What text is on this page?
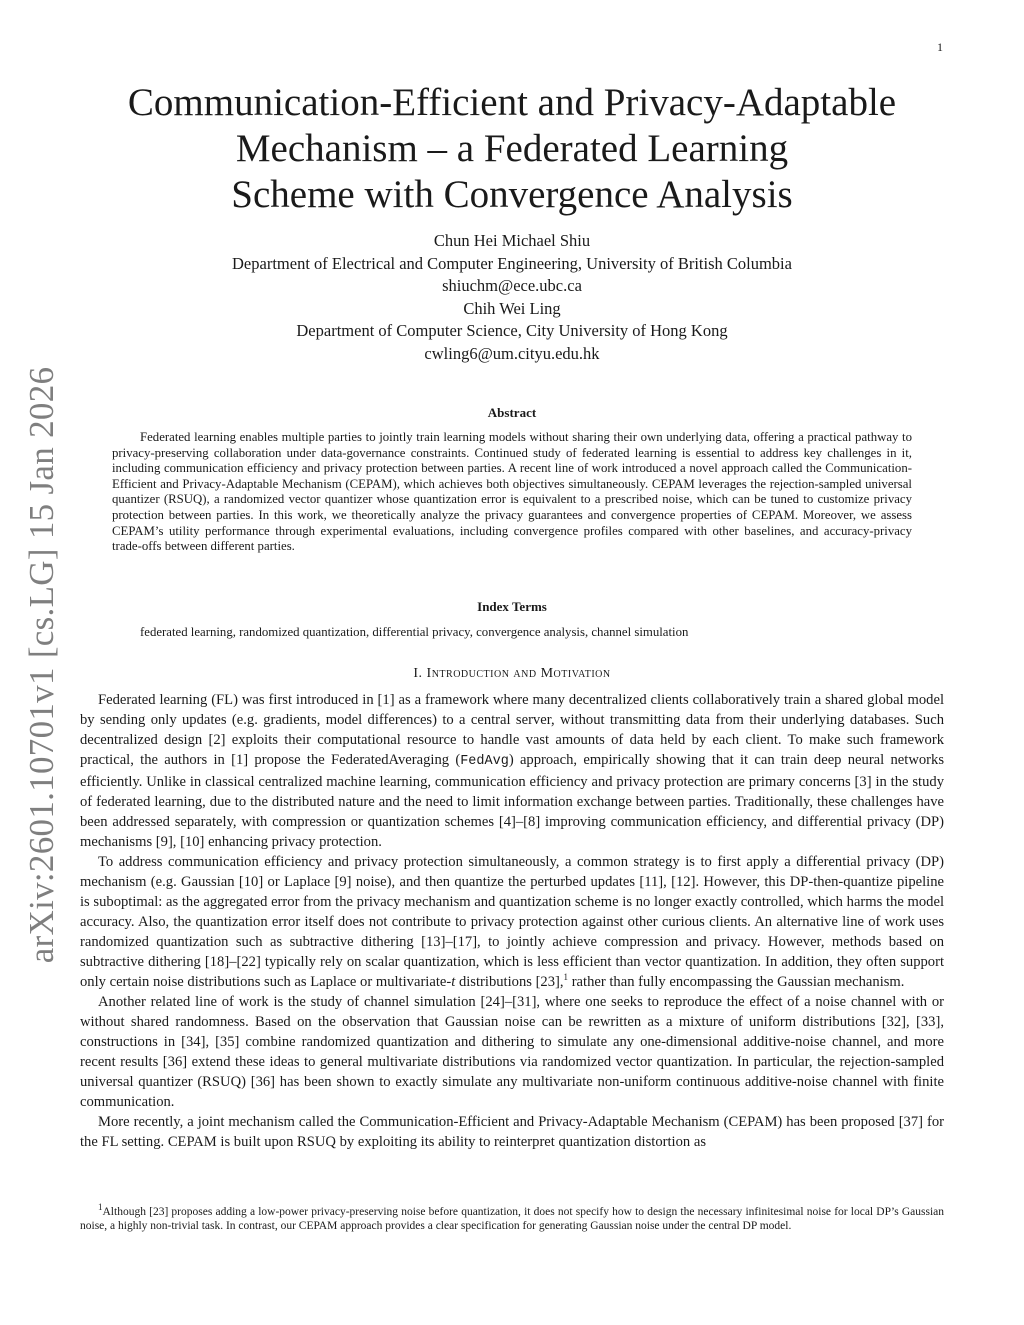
1
arXiv:2601.10701v1 [cs.LG] 15 Jan 2026
Communication-Efficient and Privacy-Adaptable
Mechanism – a Federated Learning
Scheme with Convergence Analysis
Chun Hei Michael Shiu
Department of Electrical and Computer Engineering, University of British Columbia
shiuchm@ece.ubc.ca
Chih Wei Ling
Department of Computer Science, City University of Hong Kong
cwling6@um.cityu.edu.hk
Abstract

Federated learning enables multiple parties to jointly train learning models without sharing their own underlying data, offering a practical pathway to privacy-preserving collaboration under data-governance constraints. Continued study of federated learning is essential to address key challenges in it, including communication efficiency and privacy protection between parties. A recent line of work introduced a novel approach called the Communication-Efficient and Privacy-Adaptable Mechanism (CEPAM), which achieves both objectives simultaneously. CEPAM leverages the rejection-sampled universal quantizer (RSUQ), a randomized vector quantizer whose quantization error is equivalent to a prescribed noise, which can be tuned to customize privacy protection between parties. In this work, we theoretically analyze the privacy guarantees and convergence properties of CEPAM. Moreover, we assess CEPAM’s utility performance through experimental evaluations, including convergence profiles compared with other baselines, and accuracy-privacy trade-offs between different parties.

Index Terms
federated learning, randomized quantization, differential privacy, convergence analysis, channel simulation
I. Introduction and Motivation

Federated learning (FL) was first introduced in [1] as a framework where many decentralized clients collaboratively train a shared global model by sending only updates (e.g. gradients, model differences) to a central server, without transmitting data from their underlying databases. Such decentralized design [2] exploits their computational resource to handle vast amounts of data held by each client. To make such framework practical, the authors in [1] propose the FederatedAveraging (FedAvg) approach, empirically showing that it can train deep neural networks efficiently. Unlike in classical centralized machine learning, communication efficiency and privacy protection are primary concerns [3] in the study of federated learning, due to the distributed nature and the need to limit information exchange between parties. Traditionally, these challenges have been addressed separately, with compression or quantization schemes [4]–[8] improving communication efficiency, and differential privacy (DP) mechanisms [9], [10] enhancing privacy protection.

To address communication efficiency and privacy protection simultaneously, a common strategy is to first apply a differential privacy (DP) mechanism (e.g. Gaussian [10] or Laplace [9] noise), and then quantize the perturbed updates [11], [12]. However, this DP-then-quantize pipeline is suboptimal: as the aggregated error from the privacy mechanism and quantization scheme is no longer exactly controlled, which harms the model accuracy. Also, the quantization error itself does not contribute to privacy protection against other curious clients. An alternative line of work uses randomized quantization such as subtractive dithering [13]–[17], to jointly achieve compression and privacy. However, methods based on subtractive dithering [18]–[22] typically rely on scalar quantization, which is less efficient than vector quantization. In addition, they often support only certain noise distributions such as Laplace or multivariate-t distributions [23],$^1$ rather than fully encompassing the Gaussian mechanism.

Another related line of work is the study of channel simulation [24]–[31], where one seeks to reproduce the effect of a noise channel with or without shared randomness. Based on the observation that Gaussian noise can be rewritten as a mixture of uniform distributions [32], [33], constructions in [34], [35] combine randomized quantization and dithering to simulate any one-dimensional additive-noise channel, and more recent results [36] extend these ideas to general multivariate distributions via randomized vector quantization. In particular, the rejection-sampled universal quantizer (RSUQ) [36] has been shown to exactly simulate any multivariate non-uniform continuous additive-noise channel with finite communication.

More recently, a joint mechanism called the Communication-Efficient and Privacy-Adaptable Mechanism (CEPAM) has been proposed [37] for the FL setting. CEPAM is built upon RSUQ by exploiting its ability to reinterpret quantization distortion as

$^1$Although [23] proposes adding a low-power privacy-preserving noise before quantization, it does not specify how to design the necessary infinitesimal noise for local DP’s Gaussian noise, a highly non-trivial task. In contrast, our CEPAM approach provides a clear specification for generating Gaussian noise under the central DP model.
